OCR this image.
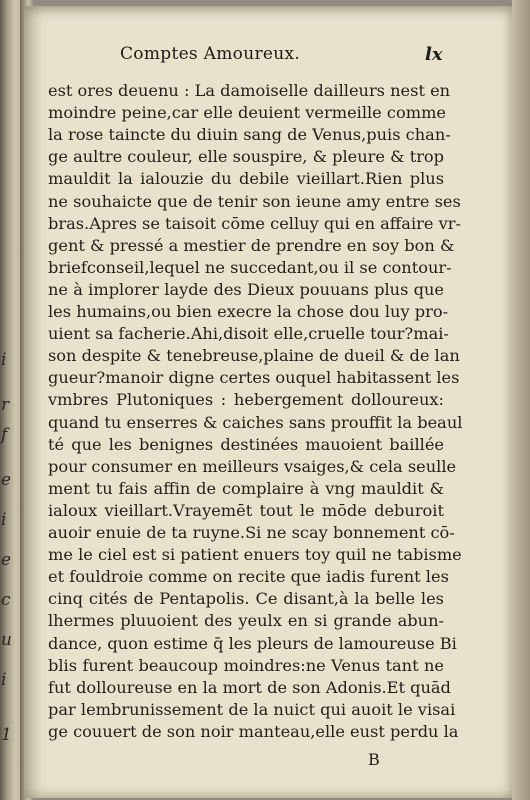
i
r
f
e
i
e
c
u
i
1
Comptes Amoureux.	lx
est ores deuenu : La damoiselle dailleurs nest en
moindre peine,car elle deuient vermeille comme
la rose taincte du diuin sang de Venus,puis chan-
ge aultre couleur, elle souspire, & pleure & trop
mauldit la ialouzie du debile vieillart.Rien plus
ne souhaicte que de tenir son ieune amy entre ses
bras.Apres se taisoit cōme celluy qui en affaire vr-
gent & pressé a mestier de prendre en soy bon &
briefconseil,lequel ne succedant,ou il se contour-
ne à implorer layde des Dieux pouuans plus que
les humains,ou bien execre la chose dou luy pro-
uient sa facherie.Ahi,disoit elle,cruelle tour?mai-
son despite & tenebreuse,plaine de dueil & de lan
gueur?manoir digne certes ouquel habitassent les
vmbres Plutoniques : hebergement dolloureux:
quand tu enserres & caiches sans prouffit la beaul
té que les benignes destinées mauoient baillée
pour consumer en meilleurs vsaiges,& cela seulle
ment tu fais affin de complaire à vng mauldit &
ialoux vieillart.Vrayemēt tout le mōde deburoit
auoir enuie de ta ruyne.Si ne scay bonnement cō-
me le ciel est si patient enuers toy quil ne tabisme
et fouldroie comme on recite que iadis furent les
cinq cités de Pentapolis. Ce disant,à la belle les
lhermes pluuoient des yeulx en si grande abun-
dance, quon estime q̄ les pleurs de lamoureuse Bi
blis furent beaucoup moindres:ne Venus tant ne
fut dolloureuse en la mort de son Adonis.Et quād
par lembrunissement de la nuict qui auoit le visai
ge couuert de son noir manteau,elle eust perdu la
B
